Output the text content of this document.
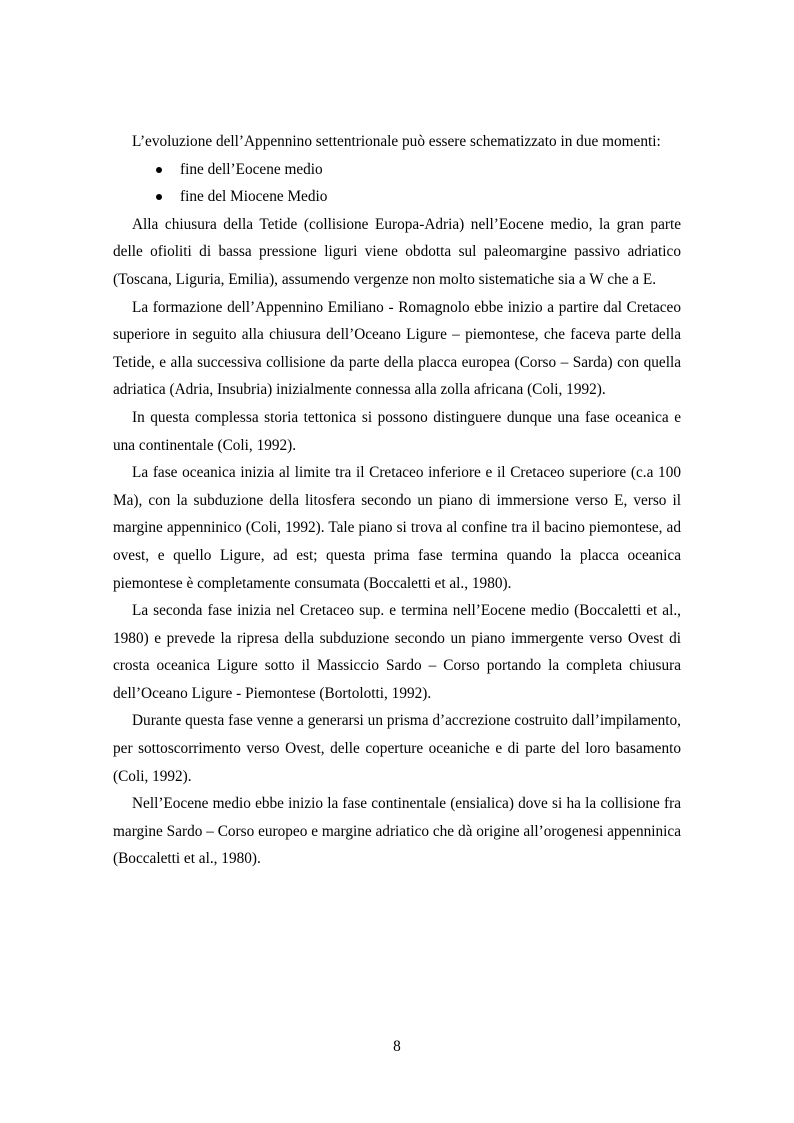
L’evoluzione dell’Appennino settentrionale può essere schematizzato in due momenti:

fine dell’Eocene medio
fine del Miocene Medio

Alla chiusura della Tetide (collisione Europa-Adria) nell’Eocene medio, la gran parte delle ofioliti di bassa pressione liguri viene obdotta sul paleomargine passivo adriatico (Toscana, Liguria, Emilia), assumendo vergenze non molto sistematiche sia a W che a E.

La formazione dell’Appennino Emiliano - Romagnolo ebbe inizio a partire dal Cretaceo superiore in seguito alla chiusura dell’Oceano Ligure – piemontese, che faceva parte della Tetide, e alla successiva collisione da parte della placca europea (Corso – Sarda) con quella adriatica (Adria, Insubria) inizialmente connessa alla zolla africana (Coli, 1992).

In questa complessa storia tettonica si possono distinguere dunque una fase oceanica e una continentale (Coli, 1992).

La fase oceanica inizia al limite tra il Cretaceo inferiore e il Cretaceo superiore (c.a 100 Ma), con la subduzione della litosfera secondo un piano di immersione verso E, verso il margine appenninico (Coli, 1992). Tale piano si trova al confine tra il bacino piemontese, ad ovest, e quello Ligure, ad est; questa prima fase termina quando la placca oceanica piemontese è completamente consumata (Boccaletti et al., 1980).

La seconda fase inizia nel Cretaceo sup. e termina nell’Eocene medio (Boccaletti et al., 1980) e prevede la ripresa della subduzione secondo un piano immergente verso Ovest di crosta oceanica Ligure sotto il Massiccio Sardo – Corso portando la completa chiusura dell’Oceano Ligure - Piemontese (Bortolotti, 1992).

Durante questa fase venne a generarsi un prisma d’accrezione costruito dall’impilamento, per sottoscorrimento verso Ovest, delle coperture oceaniche e di parte del loro basamento (Coli, 1992).

Nell’Eocene medio ebbe inizio la fase continentale (ensialica) dove si ha la collisione fra margine Sardo – Corso europeo e margine adriatico che dà origine all’orogenesi appenninica (Boccaletti et al., 1980).

8
